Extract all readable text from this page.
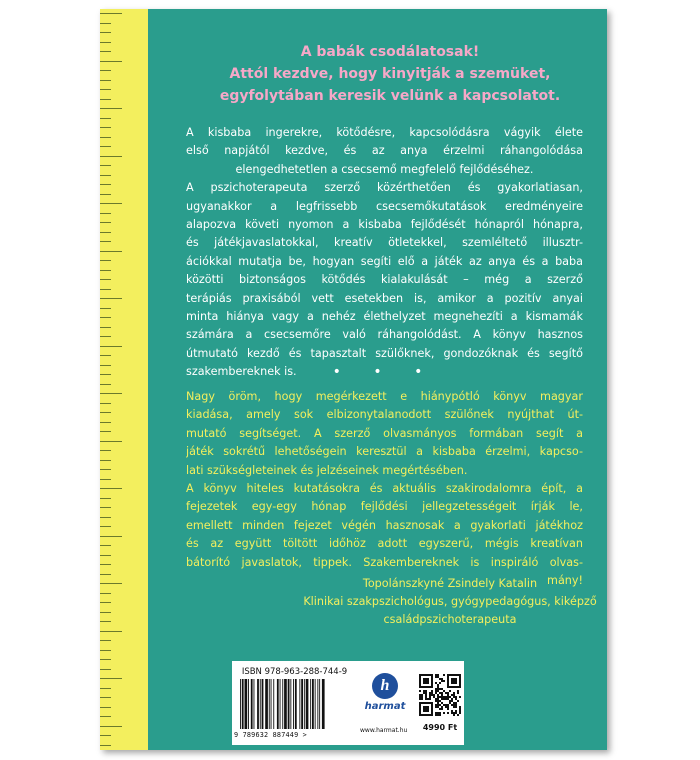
A babák csodálatosak!
Attól kezdve, hogy kinyitják a szemüket,
egyfolytában keresik velünk a kapcsolatot.
A kisbaba ingerekre, kötődésre, kapcsolódásra vágyik élete
első napjától kezdve, és az anya érzelmi ráhangolódása
elengedhetetlen a csecsemő megfelelő fejlődéséhez.
A pszichoterapeuta szerző közérthetően és gyakorlatiasan,
ugyanakkor a legfrissebb csecsemőkutatások eredményeire
alapozva követi nyomon a kisbaba fejlődését hónapról hónapra,
és játékjavaslatokkal, kreatív ötletekkel, szemléltető illusztr-
ációkkal mutatja be, hogyan segíti elő a játék az anya és a baba
közötti biztonságos kötődés kialakulását – még a szerző
terápiás praxisából vett esetekben is, amikor a pozitív anyai
minta hiánya vagy a nehéz élethelyzet megnehezíti a kismamák
számára a csecsemőre való ráhangolódást. A könyv hasznos
útmutató kezdő és tapasztalt szülőknek, gondozóknak és segítő
szakembereknek is.	• • •
Nagy öröm, hogy megérkezett e hiánypótló könyv magyar
kiadása, amely sok elbizonytalanodott szülőnek nyújthat út-
mutató segítséget. A szerző olvasmányos formában segít a
játék sokrétű lehetőségein keresztül a kisbaba érzelmi, kapcso-
lati szükségleteinek és jelzéseinek megértésében.
A könyv hiteles kutatásokra és aktuális szakirodalomra épít, a
fejezetek egy-egy hónap fejlődési jellegzetességeit írják le,
emellett minden fejezet végén hasznosak a gyakorlati játékhoz
és az együtt töltött időhöz adott egyszerű, mégis kreatívan
bátorító javaslatok, tippek. Szakembereknek is inspiráló olvas-
mány!
Topolánszkyné Zsindely Katalin
Klinikai szakpszichológus, gyógypedagógus, kiképző
családpszichoterapeuta
ISBN 978-963-288-744-9
9 789632 887449 >
h
harmat
www.harmat.hu	4990 Ft
